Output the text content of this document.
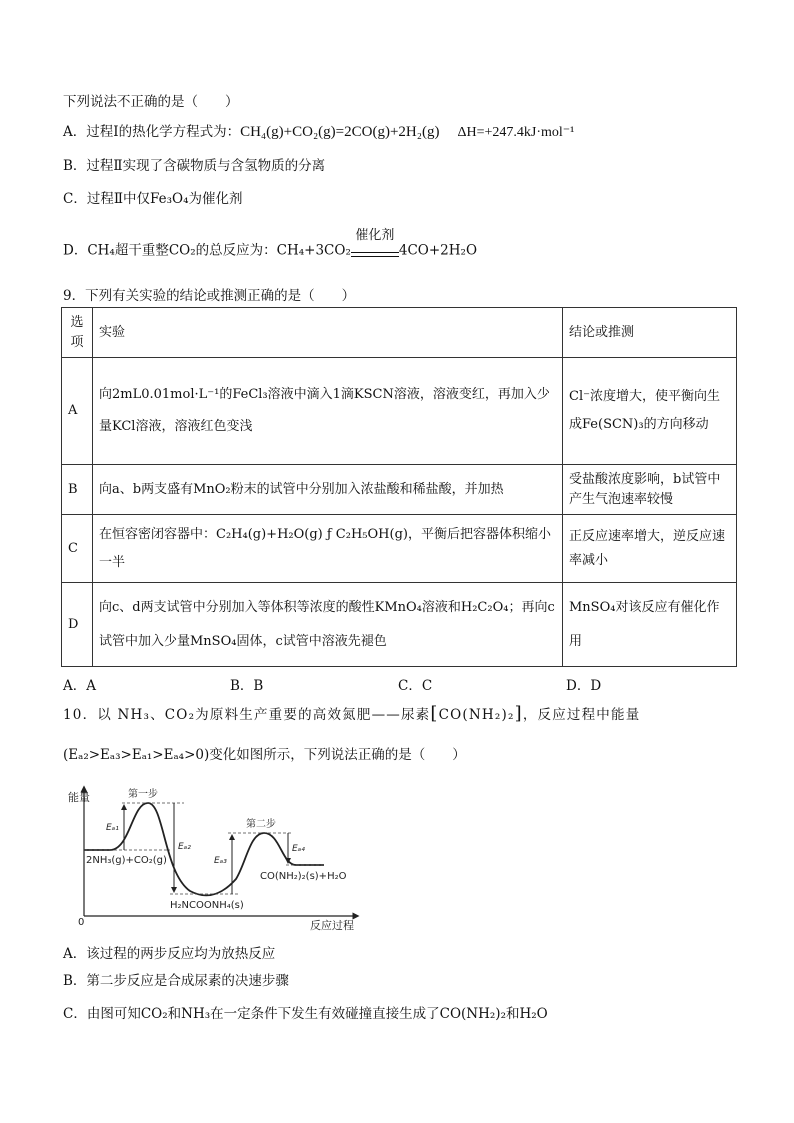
下列说法不正确的是（　　）
A．过程Ⅰ的热化学方程式为：CH₄(g)+CO₂(g)=2CO(g)+2H₂(g) ΔH=+247.4kJ·mol⁻¹
B．过程Ⅱ实现了含碳物质与含氢物质的分离
C．过程Ⅱ中仅Fe₃O₄为催化剂
D．CH₄超干重整CO₂的总反应为：CH₄+3CO₂
催化剂
4CO+2H₂O
9．下列有关实验的结论或推测正确的是（　　）
选项	实验	结论或推测
A	向2mL0.01mol·L⁻¹的FeCl₃溶液中滴入1滴KSCN溶液，溶液变红，再加入少量KCl溶液，溶液红色变浅	Cl⁻浓度增大，使平衡向生成Fe(SCN)₃的方向移动
B	向a、b两支盛有MnO₂粉末的试管中分别加入浓盐酸和稀盐酸，并加热	受盐酸浓度影响，b试管中产生气泡速率较慢
C	在恒容密闭容器中：C₂H₄(g)+H₂O(g) ƒ C₂H₅OH(g)，平衡后把容器体积缩小一半	正反应速率增大，逆反应速率减小
D	向c、d两支试管中分别加入等体积等浓度的酸性KMnO₄溶液和H₂C₂O₄；再向c试管中加入少量MnSO₄固体，c试管中溶液先褪色	MnSO₄对该反应有催化作用
A．A	B．B	C．C	D．D
10．以 NH₃、CO₂为原料生产重要的高效氮肥——尿素[CO(NH₂)₂]，反应过程中能量
(Eₐ₂>Eₐ₃>Eₐ₁>Eₐ₄>0)变化如图所示，下列说法正确的是（　　）
能量
0	反应过程
Eₐ₁
Eₐ₂
Eₐ₃
Eₐ₄
第一步
第二步
2NH₃(g)+CO₂(g)
H₂NCOONH₄(s)
CO(NH₂)₂(s)+H₂O
A．该过程的两步反应均为放热反应
B．第二步反应是合成尿素的决速步骤
C．由图可知CO₂和NH₃在一定条件下发生有效碰撞直接生成了CO(NH₂)₂和H₂O
